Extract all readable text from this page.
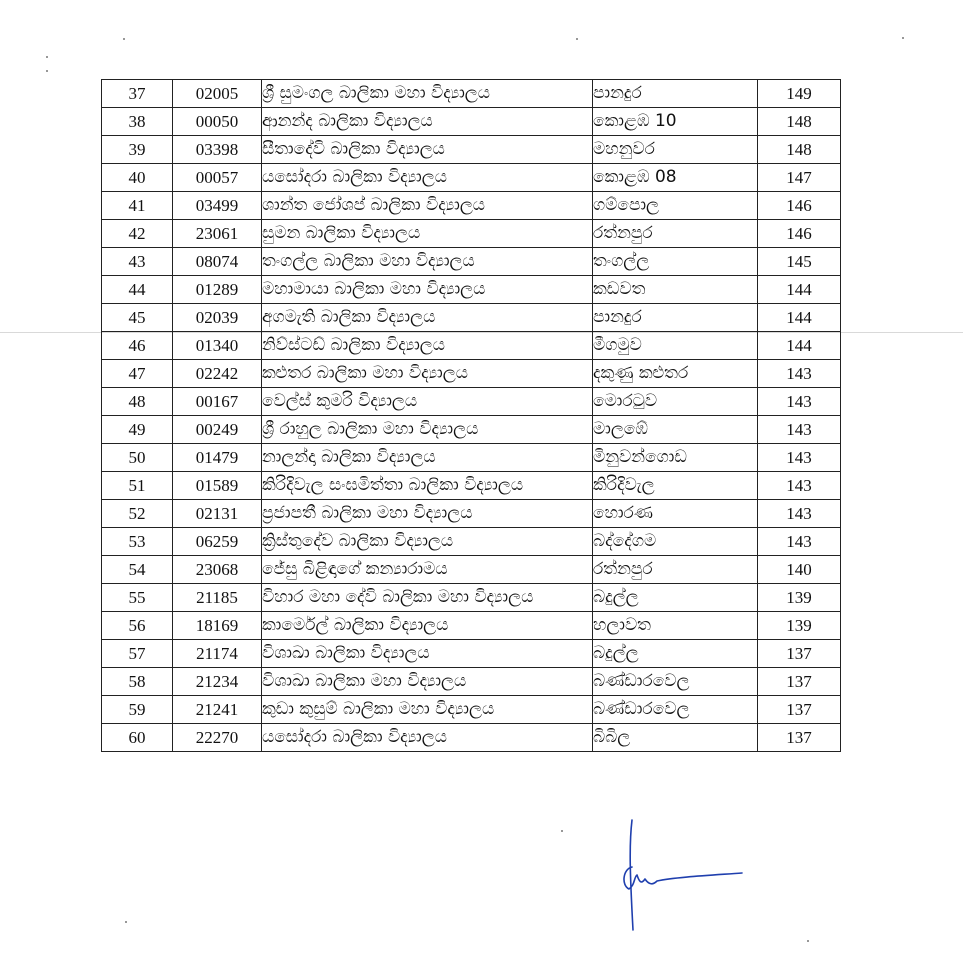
37	02005	ශ්‍රී සුමංගල බාලිකා මහා විද්‍යාලය	පානදුර	149
38	00050	ආනන්ද බාලිකා විද්‍යාලය	කොළඹ 10	148
39	03398	සීතාදේවි බාලිකා විද්‍යාලය	මහනුවර	148
40	00057	යසෝදරා බාලිකා විද්‍යාලය	කොළඹ 08	147
41	03499	ශාන්ත ජෝශප් බාලිකා විද්‍යාලය	ගම්පොල	146
42	23061	සුමන බාලිකා විද්‍යාලය	රත්නපුර	146
43	08074	තංගල්ල බාලිකා මහා විද්‍යාලය	තංගල්ල	145
44	01289	මහාමායා බාලිකා මහා විද්‍යාලය	කඩවත	144
45	02039	අගමැති බාලිකා විද්‍යාලය	පානදුර	144
46	01340	නිව්ස්ටඩ් බාලිකා විද්‍යාලය	මීගමුව	144
47	02242	කළුතර බාලිකා මහා විද්‍යාලය	දකුණු කළුතර	143
48	00167	වෙල්ස් කුමරි විද්‍යාලය	මොරටුව	143
49	00249	ශ්‍රී රාහුල බාලිකා මහා විද්‍යාලය	මාලඹේ	143
50	01479	නාලන්දා බාලිකා විද්‍යාලය	මිනුවන්ගොඩ	143
51	01589	කිරිදිවැල සංඝමිත්තා බාලිකා විද්‍යාලය	කිරිදිවැල	143
52	02131	ප්‍රජාපතී බාලිකා මහා විද්‍යාලය	හොරණ	143
53	06259	ක්‍රිස්තුදේව බාලිකා විද්‍යාලය	බද්දේගම	143
54	23068	ජේසු බිළිඳාගේ කන්‍යාරාමය	රත්නපුර	140
55	21185	විහාර මහා දේවි බාලිකා මහා විද්‍යාලය	බදුල්ල	139
56	18169	කාර්මෙල් බාලිකා විද්‍යාලය	හලාවත	139
57	21174	විශාඛා බාලිකා විද්‍යාලය	බදුල්ල	137
58	21234	විශාඛා බාලිකා මහා විද්‍යාලය	බණ්ඩාරවෙල	137
59	21241	කුඩා කුසුම් බාලිකා මහා විද්‍යාලය	බණ්ඩාරවෙල	137
60	22270	යසෝදරා බාලිකා විද්‍යාලය	බිබිල	137
